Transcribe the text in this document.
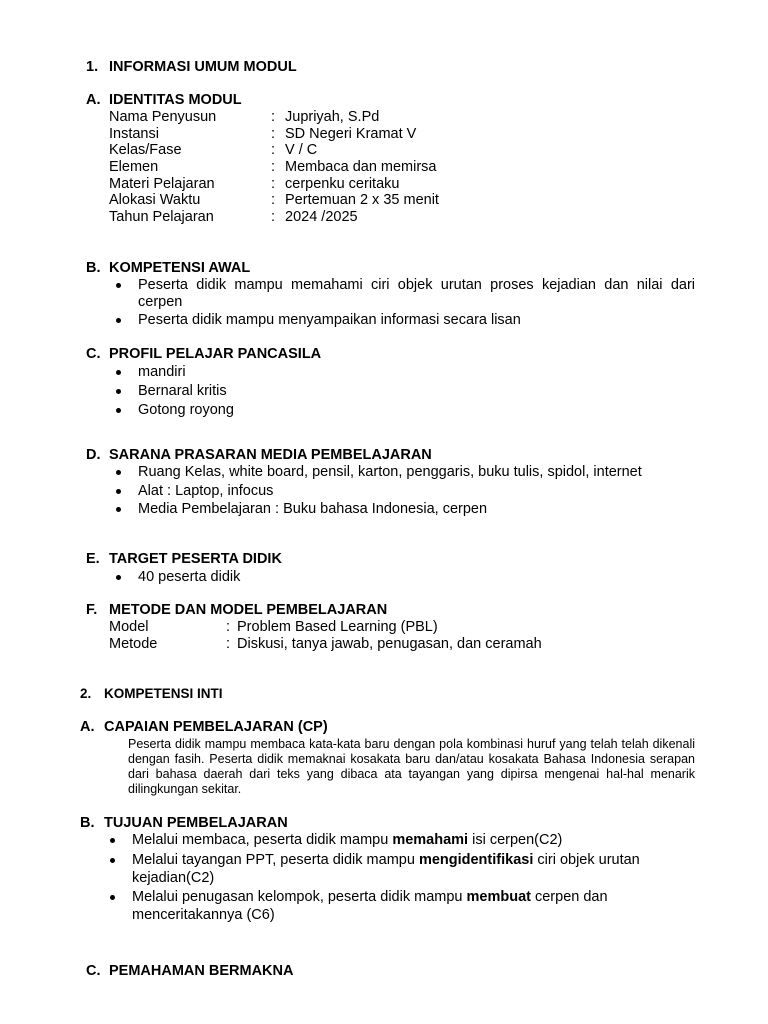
1. INFORMASI UMUM MODUL
A. IDENTITAS MODUL
Nama Penyusun	: Jupriyah, S.Pd
Instansi	: SD Negeri Kramat V
Kelas/Fase	: V / C
Elemen	: Membaca dan memirsa
Materi Pelajaran	: cerpenku ceritaku
Alokasi Waktu	: Pertemuan 2 x 35 menit
Tahun Pelajaran	: 2024 /2025
B. KOMPETENSI AWAL
Peserta didik mampu memahami ciri objek urutan proses kejadian dan nilai dari cerpen
Peserta didik mampu menyampaikan informasi secara lisan
C. PROFIL PELAJAR PANCASILA
mandiri
Bernaral kritis
Gotong royong
D. SARANA PRASARAN MEDIA PEMBELAJARAN
Ruang Kelas, white board, pensil, karton, penggaris, buku tulis, spidol, internet
Alat : Laptop, infocus
Media Pembelajaran : Buku bahasa Indonesia, cerpen
E. TARGET PESERTA DIDIK
40 peserta didik
F. METODE DAN MODEL PEMBELAJARAN
Model	: Problem Based Learning (PBL)
Metode	: Diskusi, tanya jawab, penugasan, dan ceramah
2. KOMPETENSI INTI
A. CAPAIAN PEMBELAJARAN (CP)
Peserta didik mampu membaca kata-kata baru dengan pola kombinasi huruf yang telah telah dikenali dengan fasih. Peserta didik memaknai kosakata baru dan/atau kosakata Bahasa Indonesia serapan dari bahasa daerah dari teks yang dibaca ata tayangan yang dipirsa mengenai hal-hal menarik dilingkungan sekitar.
B. TUJUAN PEMBELAJARAN
Melalui membaca, peserta didik mampu memahami isi cerpen(C2)
Melalui tayangan PPT, peserta didik mampu mengidentifikasi ciri objek urutan kejadian(C2)
Melalui penugasan kelompok, peserta didik mampu membuat cerpen dan menceritakannya (C6)
C. PEMAHAMAN BERMAKNA
